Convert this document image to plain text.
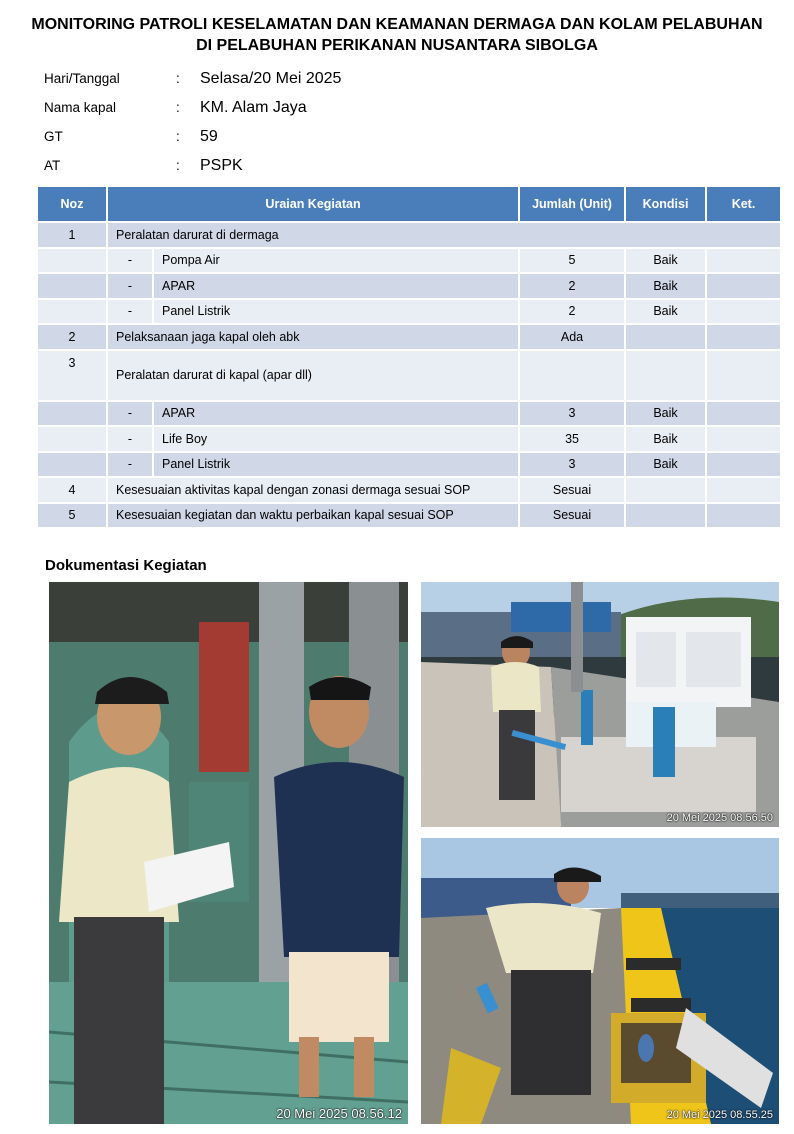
MONITORING PATROLI KESELAMATAN DAN KEAMANAN DERMAGA DAN KOLAM PELABUHAN
DI PELABUHAN PERIKANAN NUSANTARA SIBOLGA
Hari/Tanggal	:	Selasa/20 Mei 2025
Nama kapal	:	KM. Alam Jaya
GT	:	59
AT	:	PSPK
Noz	Uraian Kegiatan		Jumlah (Unit)	Kondisi	Ket.
1	Peralatan darurat di dermaga				
	-	Pompa Air	5	Baik	
	-	APAR	2	Baik	
	-	Panel Listrik	2	Baik	
2	Pelaksanaan jaga kapal oleh abk		Ada		
3	Peralatan darurat di kapal (apar dll)				
	-	APAR	3	Baik	
	-	Life Boy	35	Baik	
	-	Panel Listrik	3	Baik	
4	Kesesuaian aktivitas kapal dengan zonasi dermaga sesuai SOP		Sesuai		
5	Kesesuaian kegiatan dan waktu perbaikan kapal sesuai SOP		Sesuai		
Dokumentasi Kegiatan
20 Mei 2025 08.56.12
20 Mei 2025 08.56.50
20 Mei 2025 08.55.25
